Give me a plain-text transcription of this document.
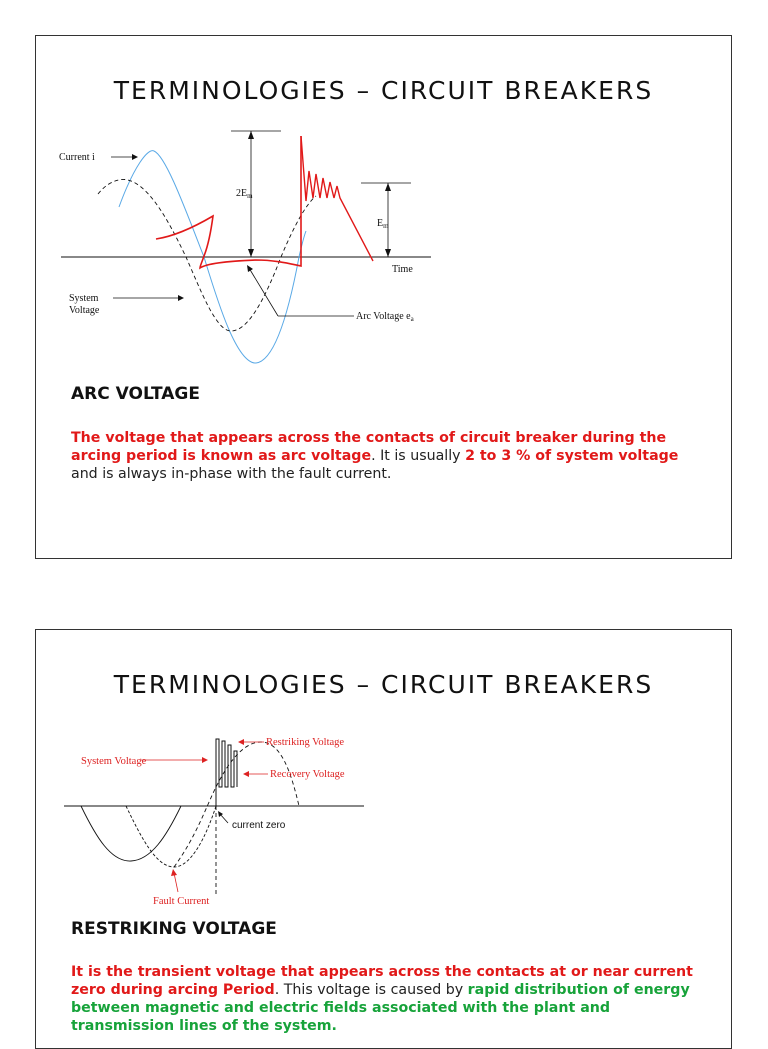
TERMINOLOGIES – CIRCUIT BREAKERS
$2E_m$
$E_m$
Current i
Time
System
Voltage
Arc Voltage $e_a$
ARC VOLTAGE
The voltage that appears across the contacts of circuit breaker during the arcing period is known as arc voltage. It is usually 2 to 3 % of system voltage and is always in-phase with the fault current.
TERMINOLOGIES – CIRCUIT BREAKERS
System Voltage
Restriking Voltage
Recovery Voltage
current zero
Fault Current
RESTRIKING VOLTAGE
It is the transient voltage that appears across the contacts at or near current zero during arcing Period. This voltage is caused by rapid distribution of energy between magnetic and electric fields associated with the plant and transmission lines of the system.
